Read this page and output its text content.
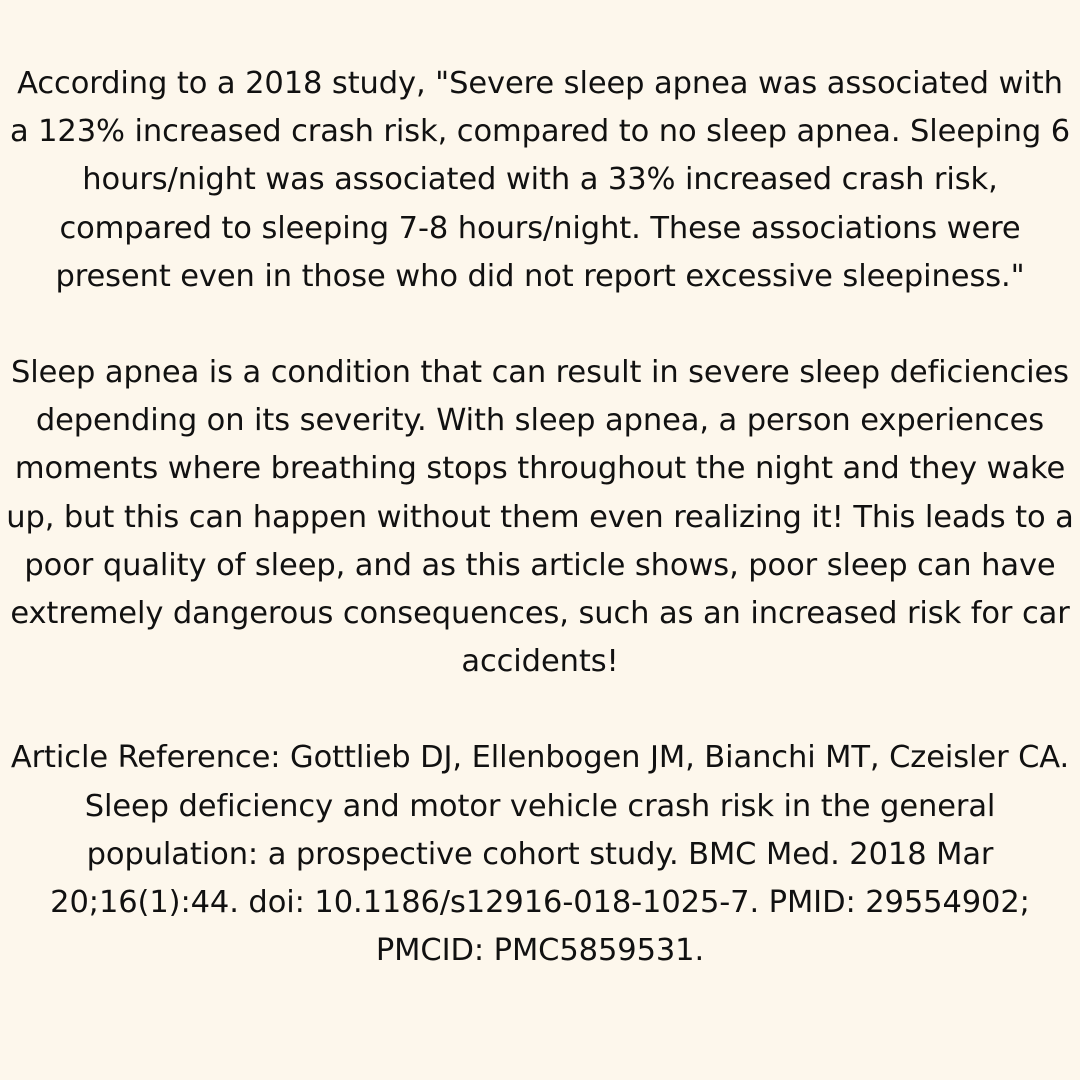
According to a 2018 study, "Severe sleep apnea was associated with a 123% increased crash risk, compared to no sleep apnea. Sleeping 6 hours/night was associated with a 33% increased crash risk, compared to sleeping 7-8 hours/night. These associations were present even in those who did not report excessive sleepiness."

Sleep apnea is a condition that can result in severe sleep deficiencies depending on its severity. With sleep apnea, a person experiences moments where breathing stops throughout the night and they wake up, but this can happen without them even realizing it! This leads to a poor quality of sleep, and as this article shows, poor sleep can have extremely dangerous consequences, such as an increased risk for car accidents!

Article Reference: Gottlieb DJ, Ellenbogen JM, Bianchi MT, Czeisler CA. Sleep deficiency and motor vehicle crash risk in the general population: a prospective cohort study. BMC Med. 2018 Mar 20;16(1):44. doi: 10.1186/s12916-018-1025-7. PMID: 29554902; PMCID: PMC5859531.
